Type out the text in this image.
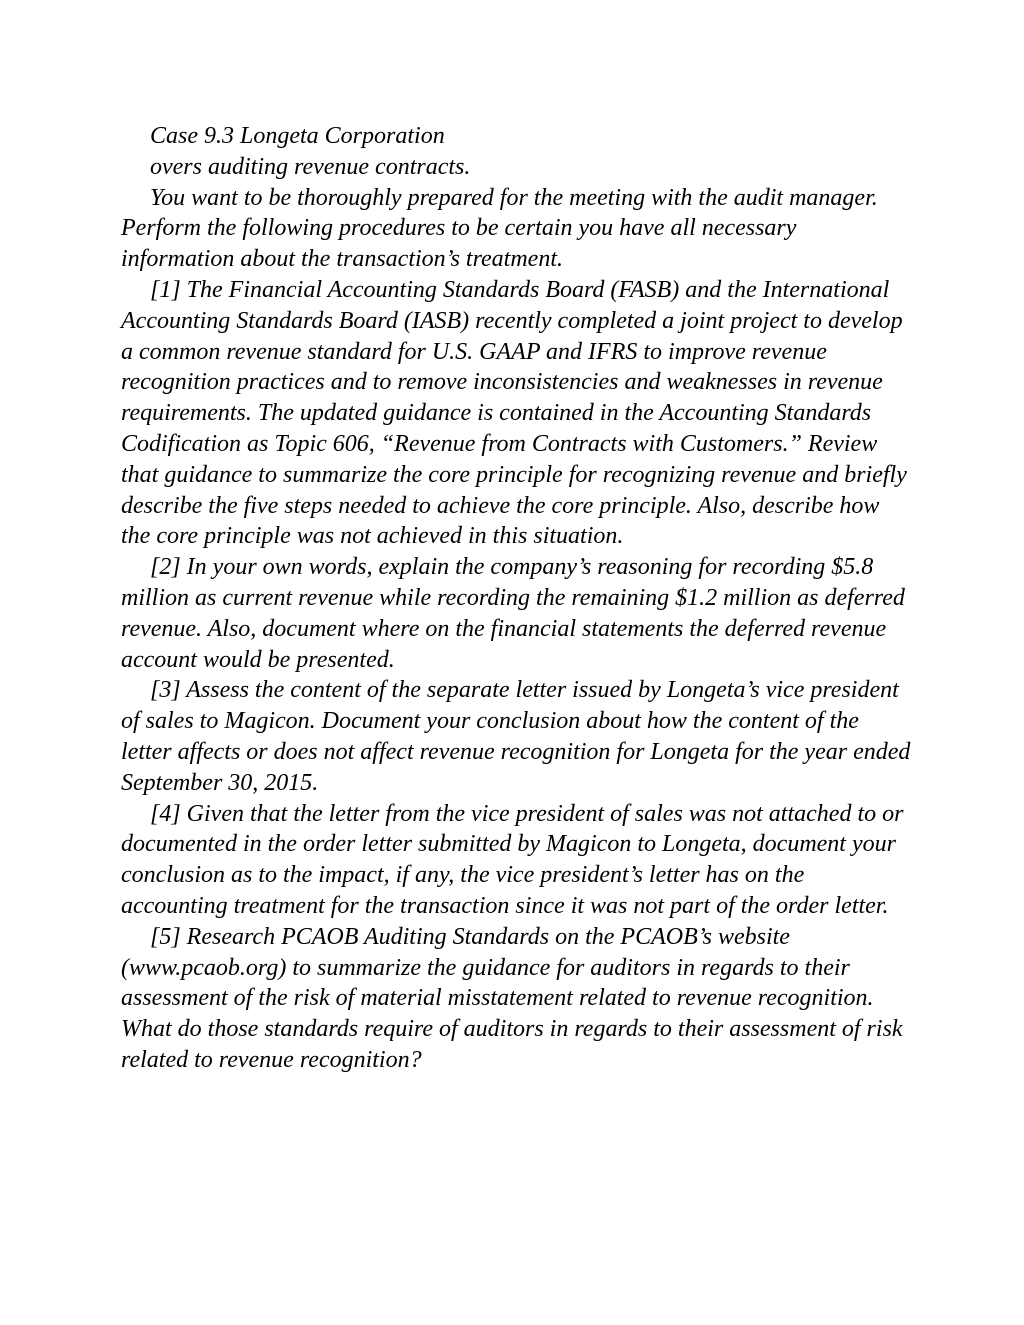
Case 9.3 Longeta Corporation

overs auditing revenue contracts.

You want to be thoroughly prepared for the meeting with the audit manager. Perform the following procedures to be certain you have all necessary information about the transaction’s treatment.

[1] The Financial Accounting Standards Board (FASB) and the International Accounting Standards Board (IASB) recently completed a joint project to develop a common revenue standard for U.S. GAAP and IFRS to improve revenue recognition practices and to remove inconsistencies and weaknesses in revenue requirements. The updated guidance is contained in the Accounting Standards Codification as Topic 606, “Revenue from Contracts with Customers.” Review that guidance to summarize the core principle for recognizing revenue and briefly describe the five steps needed to achieve the core principle. Also, describe how the core principle was not achieved in this situation.

[2] In your own words, explain the company’s reasoning for recording $5.8 million as current revenue while recording the remaining $1.2 million as deferred revenue. Also, document where on the financial statements the deferred revenue account would be presented.

[3] Assess the content of the separate letter issued by Longeta’s vice president of sales to Magicon. Document your conclusion about how the content of the letter affects or does not affect revenue recognition for Longeta for the year ended September 30, 2015.

[4] Given that the letter from the vice president of sales was not attached to or documented in the order letter submitted by Magicon to Longeta, document your conclusion as to the impact, if any, the vice president’s letter has on the accounting treatment for the transaction since it was not part of the order letter.

[5] Research PCAOB Auditing Standards on the PCAOB’s website (www.pcaob.org) to summarize the guidance for auditors in regards to their assessment of the risk of material misstatement related to revenue recognition. What do those standards require of auditors in regards to their assessment of risk related to revenue recognition?
